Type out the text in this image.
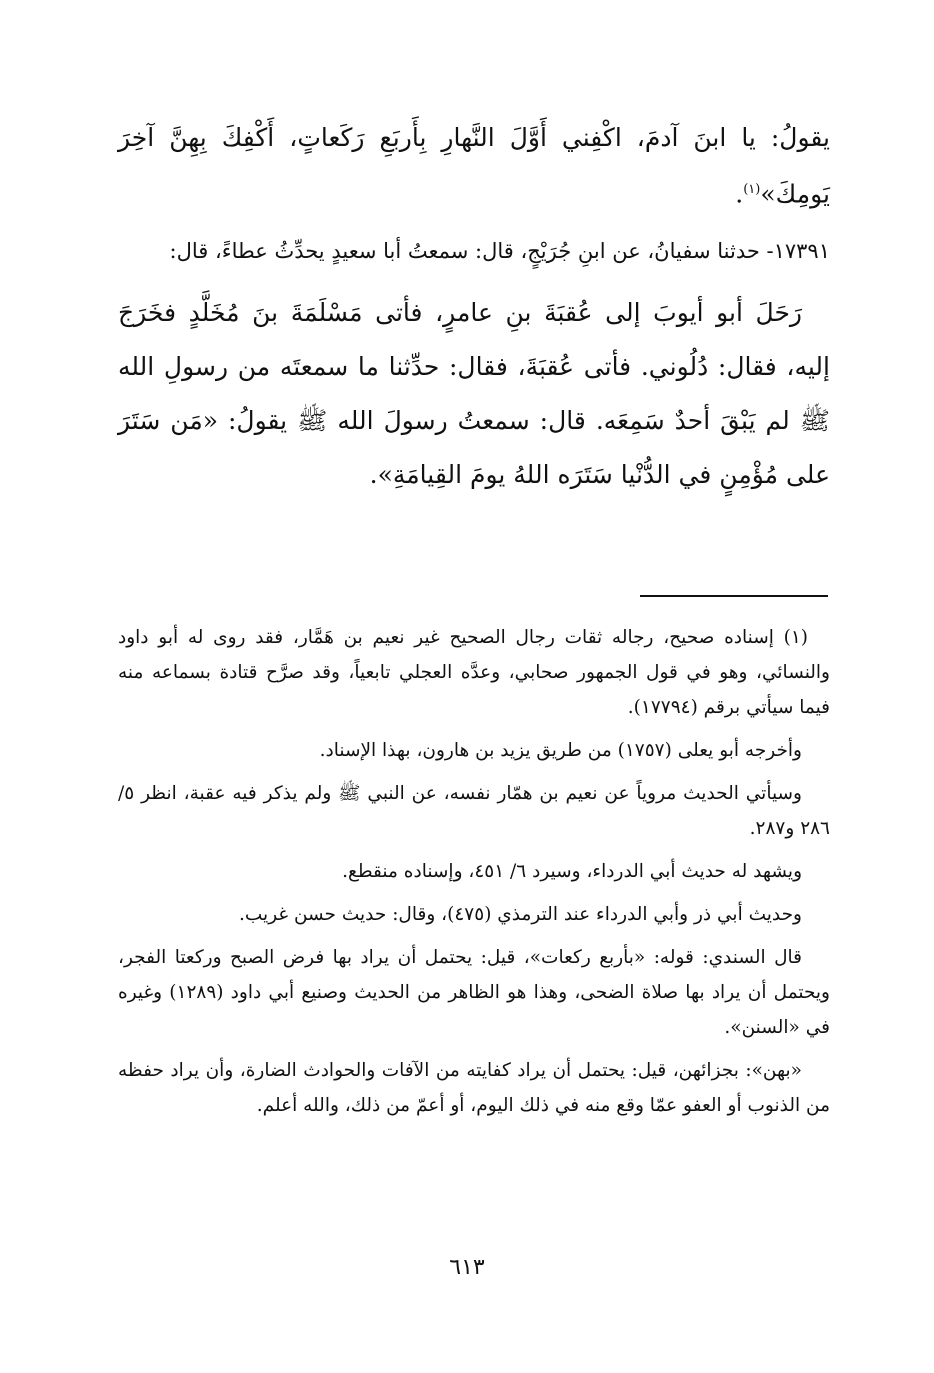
يقولُ: يا ابنَ آدمَ، اكْفِني أَوَّلَ النَّهارِ بِأَربَعِ رَكَعاتٍ، أَكْفِكَ بِهِنَّ آخِرَ يَومِكَ»$^{(١)}$.

١٧٣٩١- حدثنا سفيانُ، عن ابنِ جُرَيْجٍ، قال: سمعتُ أبا سعيدٍ يحدِّثُ عطاءً، قال:

رَحَلَ أبو أيوبَ إلى عُقبَةَ بنِ عامرٍ، فأتى مَسْلَمَةَ بنَ مُخَلَّدٍ فخَرَجَ إليه، فقال: دُلُوني. فأتى عُقبَةَ، فقال: حدِّثنا ما سمعتَه من رسولِ الله ﷺ لم يَبْقَ أحدٌ سَمِعَه. قال: سمعتُ رسولَ الله ﷺ يقولُ: «مَن سَتَرَ على مُؤْمِنٍ في الدُّنْيا سَتَرَه اللهُ يومَ القِيامَةِ».

(١) إسناده صحيح، رجاله ثقات رجال الصحيح غير نعيم بن هَمَّار، فقد روى له أبو داود والنسائي، وهو في قول الجمهور صحابي، وعدَّه العجلي تابعياً، وقد صرَّح قتادة بسماعه منه فيما سيأتي برقم (١٧٧٩٤).

وأخرجه أبو يعلى (١٧٥٧) من طريق يزيد بن هارون، بهذا الإسناد.

وسيأتي الحديث مروياً عن نعيم بن همّار نفسه، عن النبي ﷺ ولم يذكر فيه عقبة، انظر ٥/ ٢٨٦ و٢٨٧.

ويشهد له حديث أبي الدرداء، وسيرد ٦/ ٤٥١، وإسناده منقطع.

وحديث أبي ذر وأبي الدرداء عند الترمذي (٤٧٥)، وقال: حديث حسن غريب.

قال السندي: قوله: «بأربع ركعات»، قيل: يحتمل أن يراد بها فرض الصبح وركعتا الفجر، ويحتمل أن يراد بها صلاة الضحى، وهذا هو الظاهر من الحديث وصنيع أبي داود (١٢٨٩) وغيره في «السنن».

«بهن»: بجزائهن، قيل: يحتمل أن يراد كفايته من الآفات والحوادث الضارة، وأن يراد حفظه من الذنوب أو العفو عمّا وقع منه في ذلك اليوم، أو أعمّ من ذلك، والله أعلم.

٦١٣
